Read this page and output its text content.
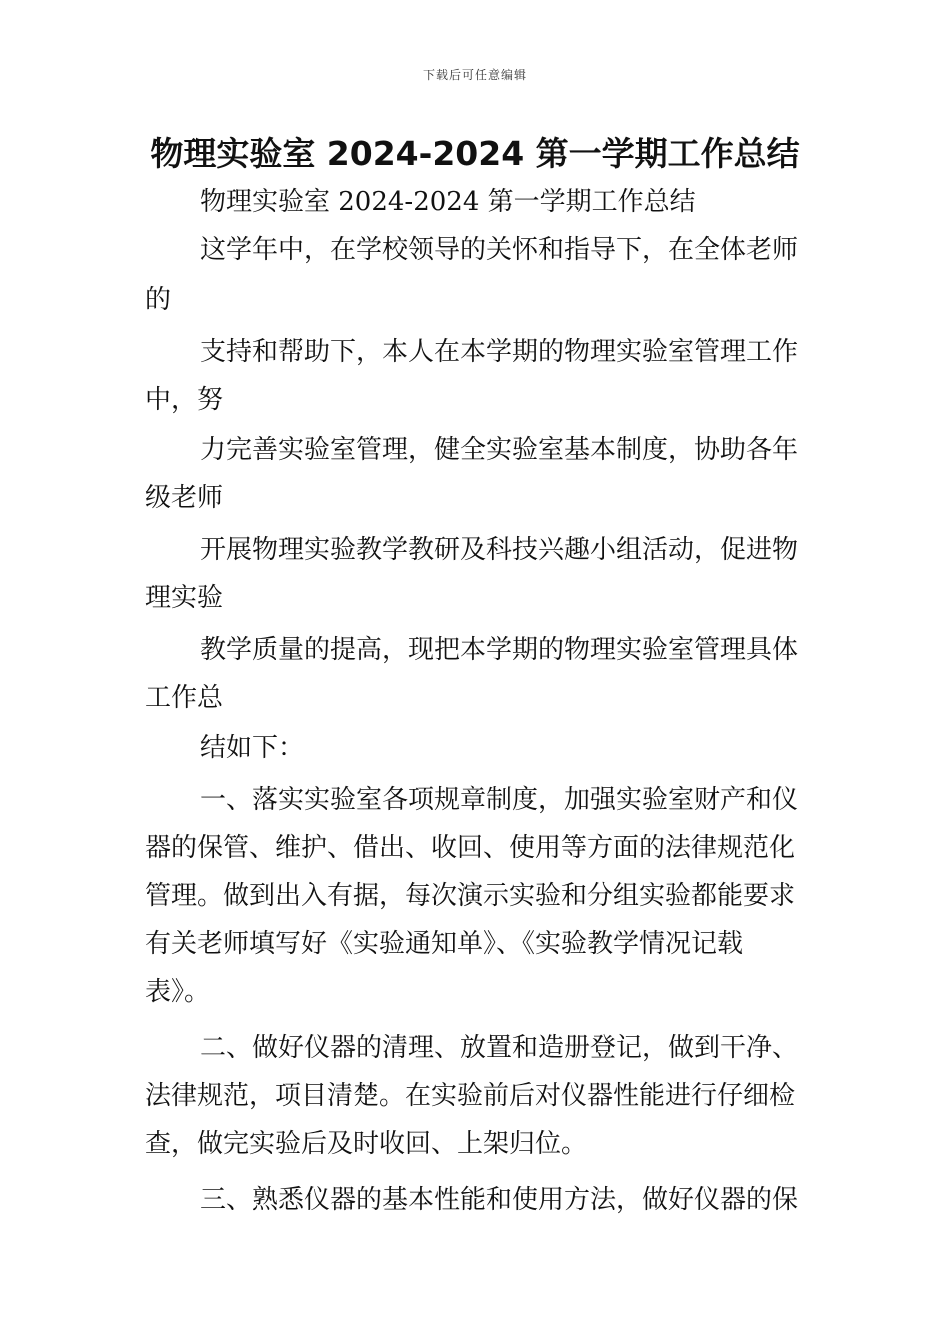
下载后可任意编辑
物理实验室 2024-2024 第一学期工作总结
物理实验室 2024-2024 第一学期工作总结
这学年中，在学校领导的关怀和指导下，在全体老师
的
支持和帮助下，本人在本学期的物理实验室管理工作
中，努
力完善实验室管理，健全实验室基本制度，协助各年
级老师
开展物理实验教学教研及科技兴趣小组活动，促进物
理实验
教学质量的提高，现把本学期的物理实验室管理具体
工作总
结如下：
一、落实实验室各项规章制度，加强实验室财产和仪
器的保管、维护、借出、收回、使用等方面的法律规范化
管理。做到出入有据，每次演示实验和分组实验都能要求
有关老师填写好《实验通知单》、《实验教学情况记载
表》。
二、做好仪器的清理、放置和造册登记，做到干净、
法律规范，项目清楚。在实验前后对仪器性能进行仔细检
查，做完实验后及时收回、上架归位。
三、熟悉仪器的基本性能和使用方法，做好仪器的保
